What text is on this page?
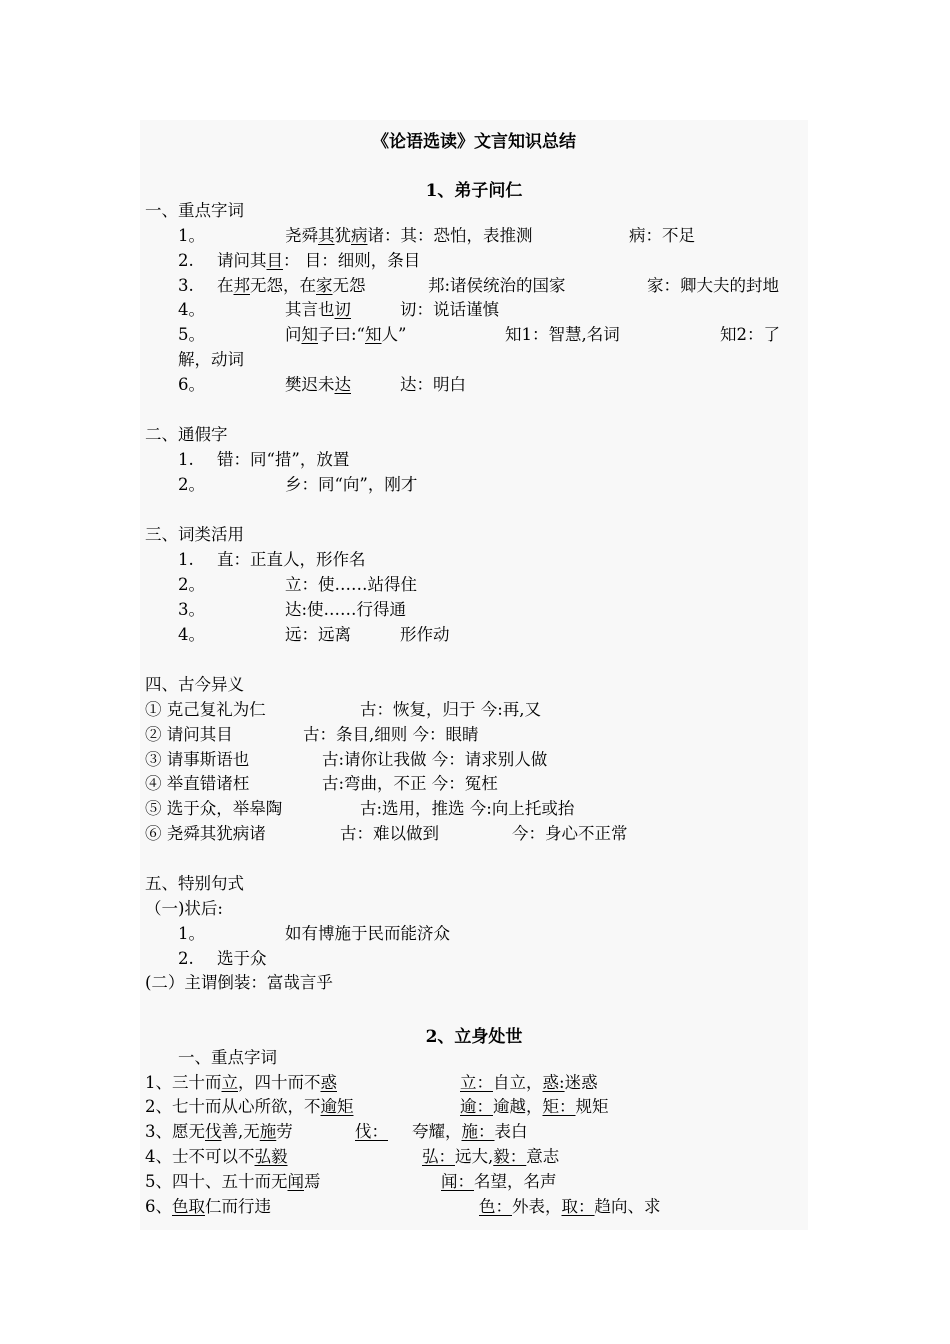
《论语选读》文言知识总结
1、弟子问仁
一、重点字词
1。	尧舜其犹病诸：其：恐怕，表推测	病：不足
2. 请问其目： 目：细则，条目
3. 在邦无怨，在家无怨	邦:诸侯统治的国家	家：卿大夫的封地
4。	其言也讱	讱：说话谨慎
5。	问知子曰:“知人”	知1：智慧,名词	知2：了
解，动词
6。	樊迟未达	达：明白
二、通假字
1. 错：同“措”，放置
2。	乡：同“向”，刚才
三、词类活用
1. 直：正直人，形作名
2。	立：使……站得住
3。	达:使……行得通
4。	远：远离	形作动
四、古今异义
① 克己复礼为仁	古：恢复，归于 今:再,又
② 请问其目	古：条目,细则 今：眼睛
③ 请事斯语也	古:请你让我做 今：请求别人做
④ 举直错诸枉	古:弯曲，不正 今：冤枉
⑤ 选于众，举皋陶	古:选用，推选 今:向上托或抬
⑥ 尧舜其犹病诸	古：难以做到	今：身心不正常
五、特别句式
（一)状后:
1。	如有博施于民而能济众
2. 选于众
(二）主谓倒装：富哉言乎
2、立身处世
一、重点字词
1、三十而立，四十而不惑	立：自立，惑:迷惑
2、七十而从心所欲，不逾矩	逾：逾越，矩：规矩
3、愿无伐善,无施劳	伐： 夸耀，施：表白
4、士不可以不弘毅	弘：远大,毅：意志
5、四十、五十而无闻焉	闻：名望，名声
6、色取仁而行违	色：外表，取：趋向、求
